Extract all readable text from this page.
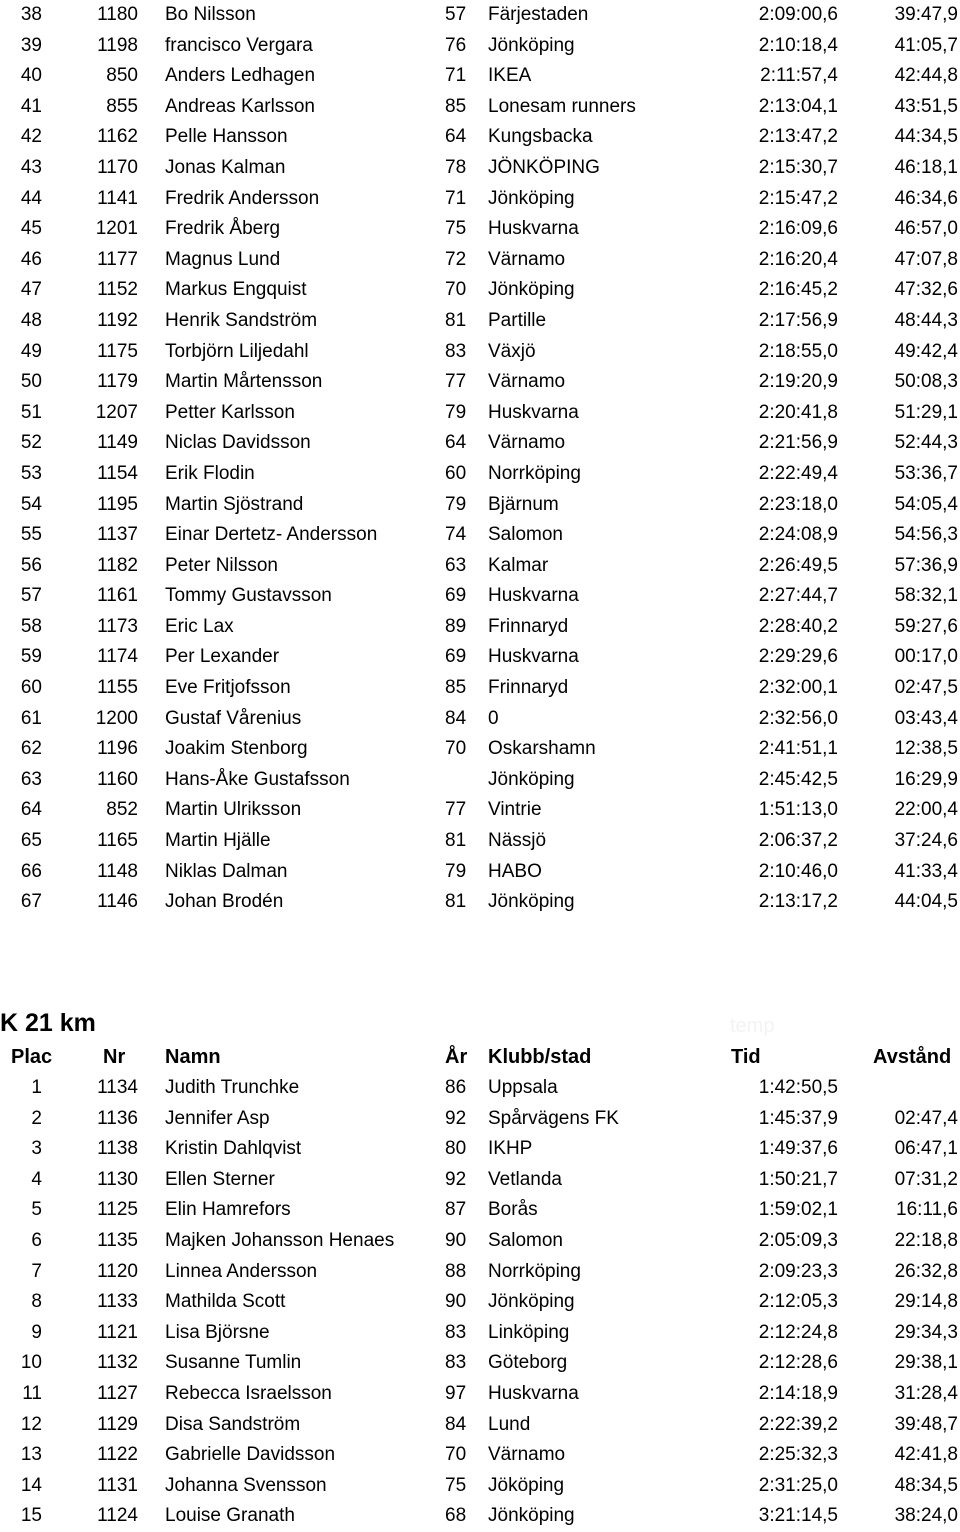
38	1180 Bo Nilsson	57 Färjestaden	2:09:00,6	39:47,9
39	1198 francisco Vergara	76 Jönköping	2:10:18,4	41:05,7
40	850 Anders Ledhagen	71 IKEA	2:11:57,4	42:44,8
41	855 Andreas Karlsson	85 Lonesam runners	2:13:04,1	43:51,5
42	1162 Pelle Hansson	64 Kungsbacka	2:13:47,2	44:34,5
43	1170 Jonas Kalman	78 JÖNKÖPING	2:15:30,7	46:18,1
44	1141 Fredrik Andersson	71 Jönköping	2:15:47,2	46:34,6
45	1201 Fredrik Åberg	75 Huskvarna	2:16:09,6	46:57,0
46	1177 Magnus Lund	72 Värnamo	2:16:20,4	47:07,8
47	1152 Markus Engquist	70 Jönköping	2:16:45,2	47:32,6
48	1192 Henrik Sandström	81 Partille	2:17:56,9	48:44,3
49	1175 Torbjörn Liljedahl	83 Växjö	2:18:55,0	49:42,4
50	1179 Martin Mårtensson	77 Värnamo	2:19:20,9	50:08,3
51	1207 Petter Karlsson	79 Huskvarna	2:20:41,8	51:29,1
52	1149 Niclas Davidsson	64 Värnamo	2:21:56,9	52:44,3
53	1154 Erik Flodin	60 Norrköping	2:22:49,4	53:36,7
54	1195 Martin Sjöstrand	79 Bjärnum	2:23:18,0	54:05,4
55	1137 Einar Dertetz- Andersson	74 Salomon	2:24:08,9	54:56,3
56	1182 Peter Nilsson	63 Kalmar	2:26:49,5	57:36,9
57	1161 Tommy Gustavsson	69 Huskvarna	2:27:44,7	58:32,1
58	1173 Eric Lax	89 Frinnaryd	2:28:40,2	59:27,6
59	1174 Per Lexander	69 Huskvarna	2:29:29,6	00:17,0
60	1155 Eve Fritjofsson	85 Frinnaryd	2:32:00,1	02:47,5
61	1200 Gustaf Vårenius	84 0	2:32:56,0	03:43,4
62	1196 Joakim Stenborg	70 Oskarshamn	2:41:51,1	12:38,5
63	1160 Hans-Åke Gustafsson	Jönköping	2:45:42,5	16:29,9
64	852 Martin Ulriksson	77 Vintrie	1:51:13,0	22:00,4
65	1165 Martin Hjälle	81 Nässjö	2:06:37,2	37:24,6
66	1148 Niklas Dalman	79 HABO	2:10:46,0	41:33,4
67	1146 Johan Brodén	81 Jönköping	2:13:17,2	44:04,5
K 21 km	temp
Plac	Nr Namn	År Klubb/stad	Tid	Avstånd
1	1134 Judith Trunchke	86 Uppsala	1:42:50,5
2	1136 Jennifer Asp	92 Spårvägens FK	1:45:37,9	02:47,4
3	1138 Kristin Dahlqvist	80 IKHP	1:49:37,6	06:47,1
4	1130 Ellen Sterner	92 Vetlanda	1:50:21,7	07:31,2
5	1125 Elin Hamrefors	87 Borås	1:59:02,1	16:11,6
6	1135 Majken Johansson Henaes	90 Salomon	2:05:09,3	22:18,8
7	1120 Linnea Andersson	88 Norrköping	2:09:23,3	26:32,8
8	1133 Mathilda Scott	90 Jönköping	2:12:05,3	29:14,8
9	1121 Lisa Björsne	83 Linköping	2:12:24,8	29:34,3
10	1132 Susanne Tumlin	83 Göteborg	2:12:28,6	29:38,1
11	1127 Rebecca Israelsson	97 Huskvarna	2:14:18,9	31:28,4
12	1129 Disa Sandström	84 Lund	2:22:39,2	39:48,7
13	1122 Gabrielle Davidsson	70 Värnamo	2:25:32,3	42:41,8
14	1131 Johanna Svensson	75 Jököping	2:31:25,0	48:34,5
15	1124 Louise Granath	68 Jönköping	3:21:14,5	38:24,0
